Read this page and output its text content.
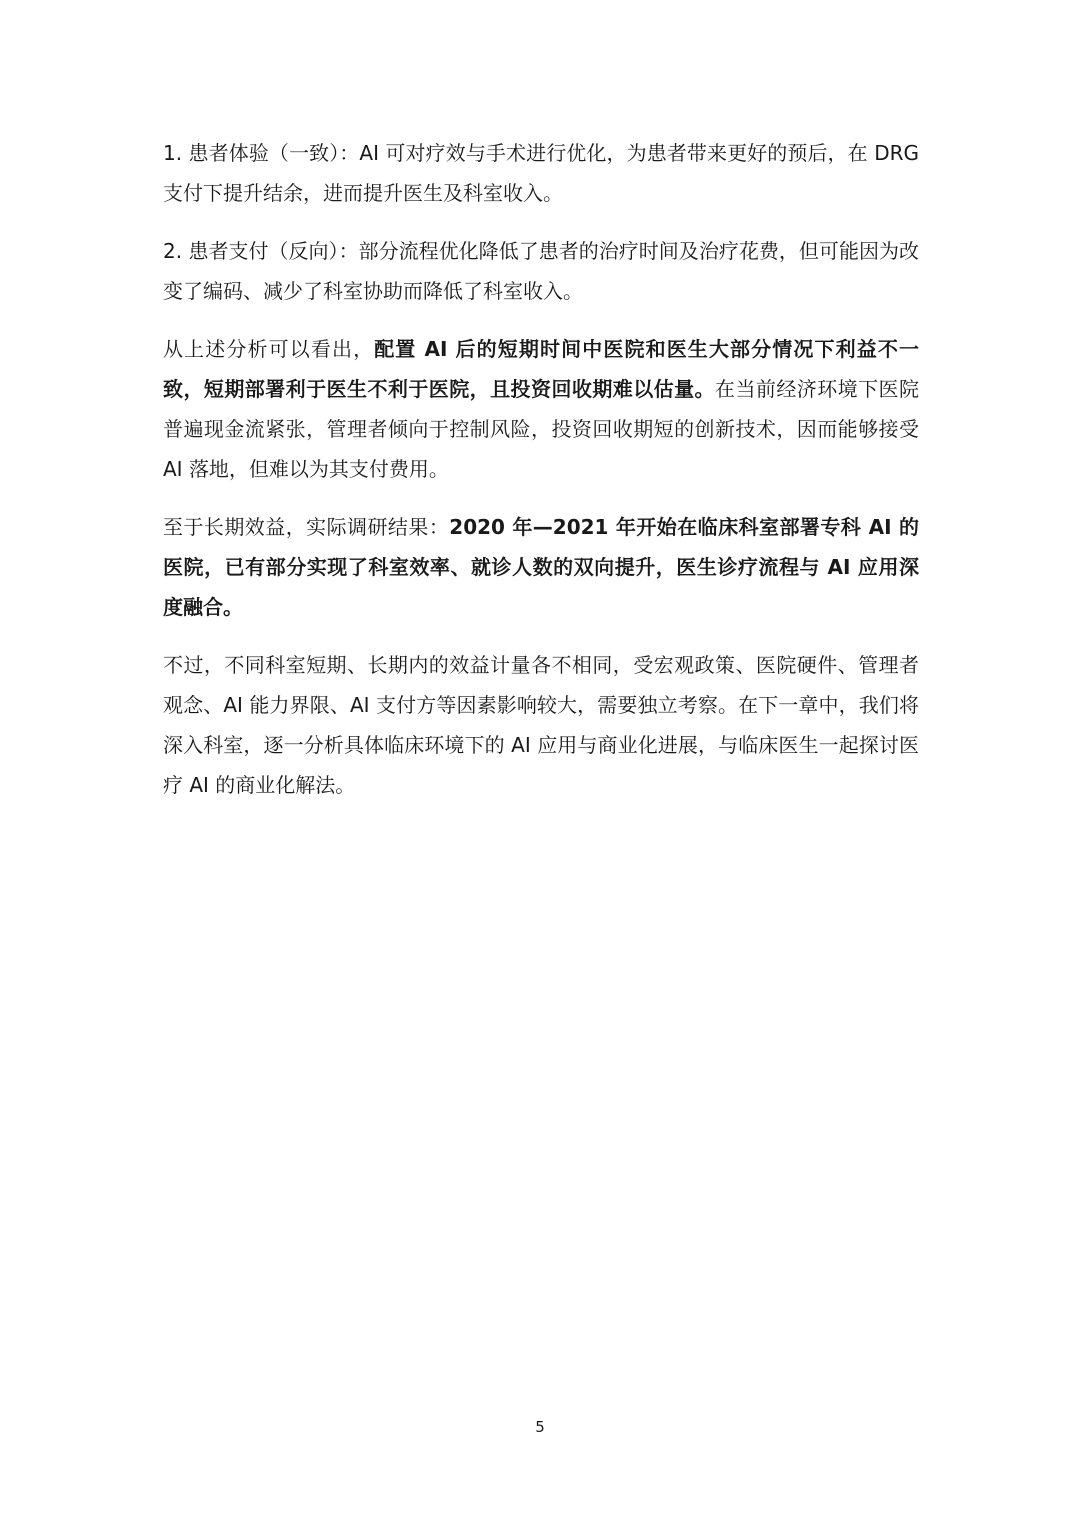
1. 患者体验（一致）：AI 可对疗效与手术进行优化，为患者带来更好的预后，在 DRG 支付下提升结余，进而提升医生及科室收入。

2. 患者支付（反向）：部分流程优化降低了患者的治疗时间及治疗花费，但可能因为改变了编码、减少了科室协助而降低了科室收入。

从上述分析可以看出，配置 AI 后的短期时间中医院和医生大部分情况下利益不一致，短期部署利于医生不利于医院，且投资回收期难以估量。在当前经济环境下医院普遍现金流紧张，管理者倾向于控制风险，投资回收期短的创新技术，因而能够接受 AI 落地，但难以为其支付费用。

至于长期效益，实际调研结果：2020 年—2021 年开始在临床科室部署专科 AI 的医院，已有部分实现了科室效率、就诊人数的双向提升，医生诊疗流程与 AI 应用深度融合。

不过，不同科室短期、长期内的效益计量各不相同，受宏观政策、医院硬件、管理者观念、AI 能力界限、AI 支付方等因素影响较大，需要独立考察。在下一章中，我们将深入科室，逐一分析具体临床环境下的 AI 应用与商业化进展，与临床医生一起探讨医疗 AI 的商业化解法。

5
